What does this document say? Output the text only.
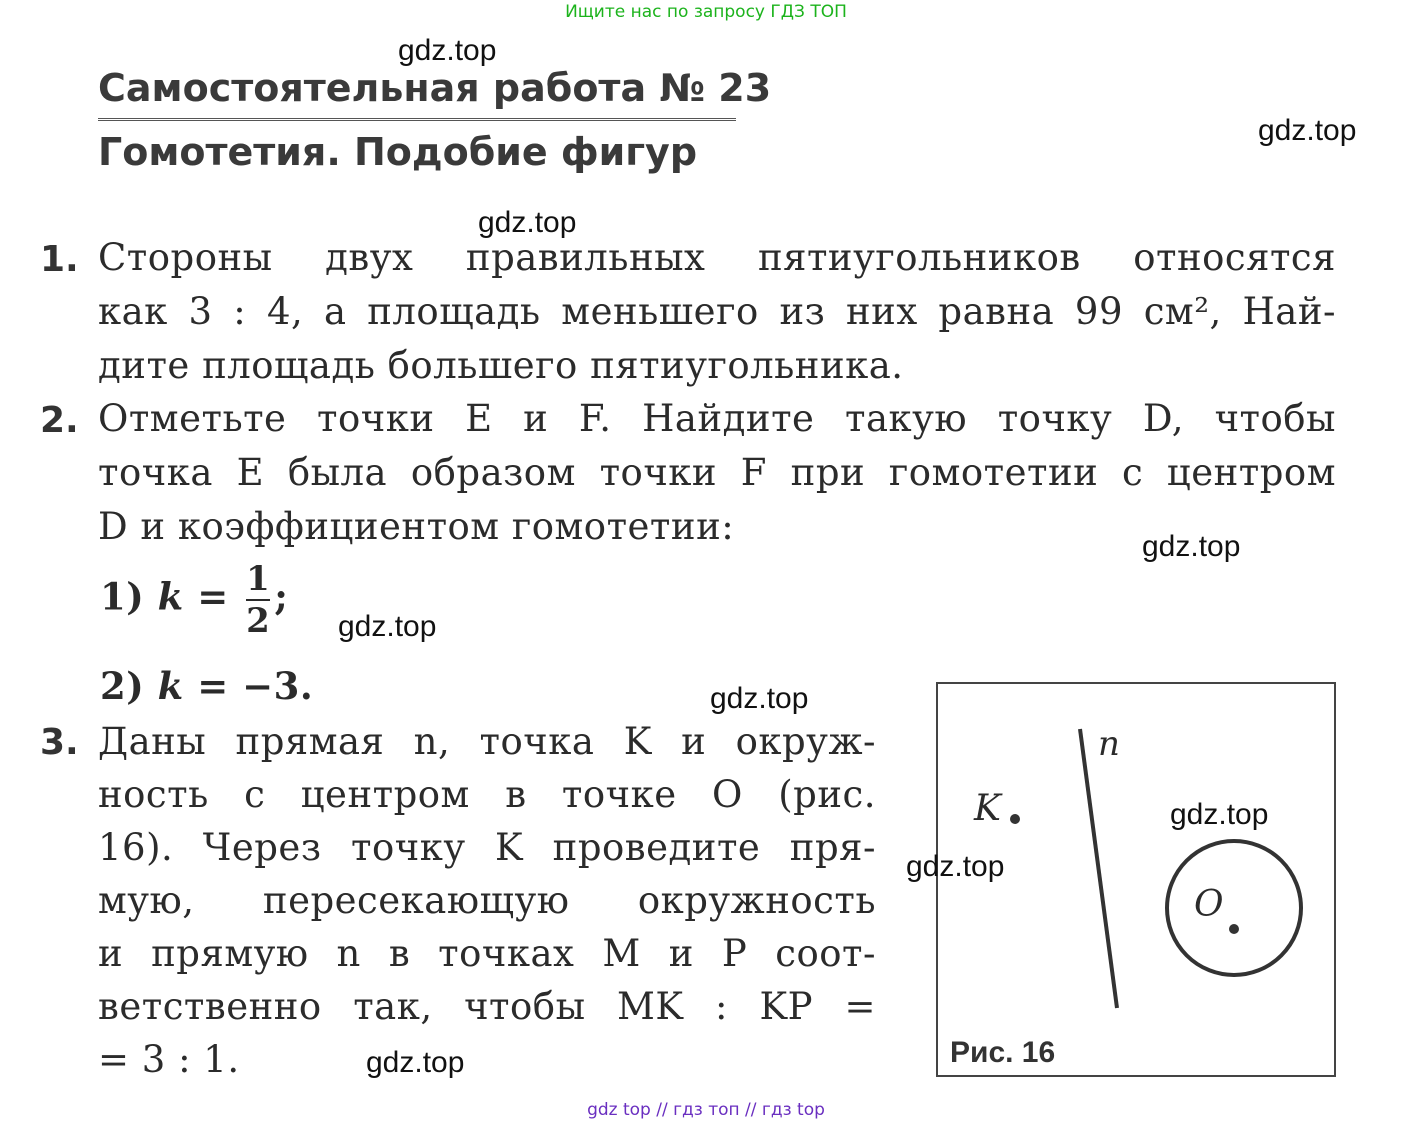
Ищите нас по запросу ГДЗ ТОП
gdz top // гдз топ // гдз top
Самостоятельная работа № 23
Гомотетия. Подобие фигур
1. Стороны двух правильных пятиугольников относятся
как 3 : 4, а площадь меньшего из них равна 99 см², Най-
дите площадь большего пятиугольника.
2. Отметьте точки E и F. Найдите такую точку D, чтобы
точка E была образом точки F при гомотетии с центром
D и коэффициентом гомотетии:
1) $k = \frac{1}{2}$ ;
2) k = −3.
3. Даны прямая n, точка K и окруж-
ность с центром в точке O (рис.
16). Через точку K проведите пря-
мую, пересекающую окружность
и прямую n в точках M и P соот-
ветственно так, чтобы MK : KP =
= 3 : 1.
n
K
O
Рис. 16
gdz.top
gdz.top
gdz.top
gdz.top
gdz.top
gdz.top
gdz.top
gdz.top
gdz.top
